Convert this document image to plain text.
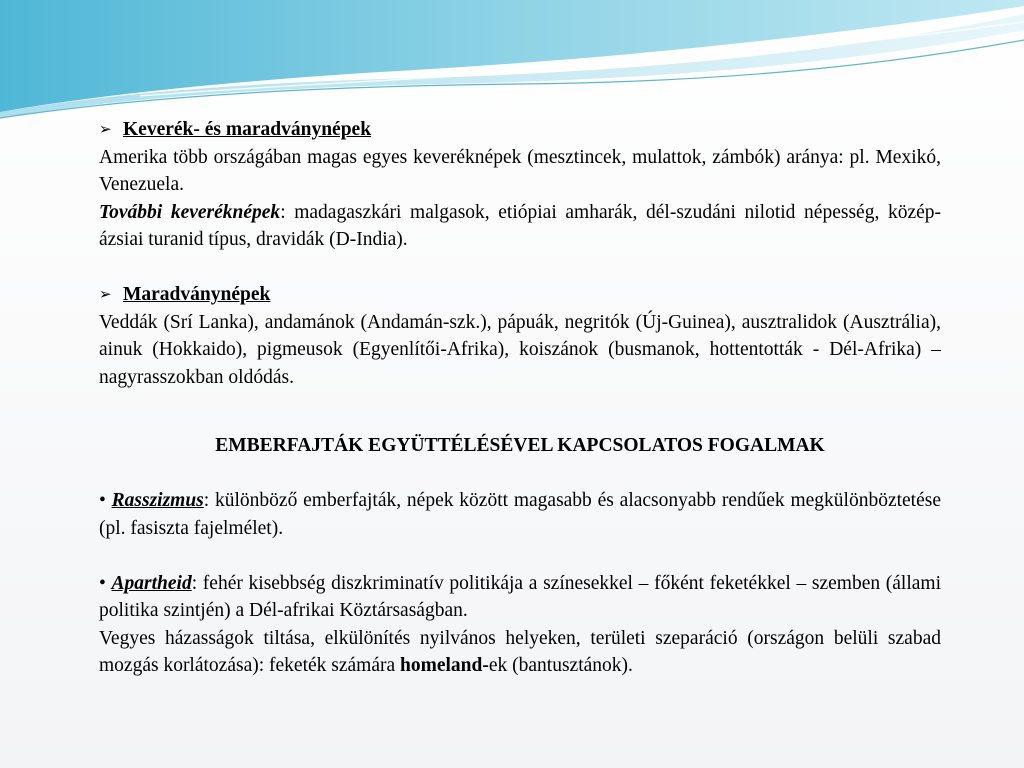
➢ Keverék- és maradványnépek

Amerika több országában magas egyes keveréknépek (mesztincek, mulattok, zámbók) aránya: pl. Mexikó, Venezuela.

További keveréknépek: madagaszkári malgasok, etiópiai amharák, dél-szudáni nilotid népesség, közép-ázsiai turanid típus, dravidák (D-India).

➢ Maradványnépek

Veddák (Srí Lanka), andamánok (Andamán-szk.), pápuák, negritók (Új-Guinea), ausztralidok (Ausztrália), ainuk (Hokkaido), pigmeusok (Egyenlítői-Afrika), koiszánok (busmanok, hottentották - Dél-Afrika) – nagyrasszokban oldódás.

EMBERFAJTÁK EGYÜTTÉLÉSÉVEL KAPCSOLATOS FOGALMAK

• Rasszizmus: különböző emberfajták, népek között magasabb és alacsonyabb rendűek megkülönböztetése (pl. fasiszta fajelmélet).

• Apartheid: fehér kisebbség diszkriminatív politikája a színesekkel – főként feketékkel – szemben (állami politika szintjén) a Dél-afrikai Köztársaságban.

Vegyes házasságok tiltása, elkülönítés nyilvános helyeken, területi szeparáció (országon belüli szabad mozgás korlátozása): feketék számára homeland-ek (bantusztánok).
